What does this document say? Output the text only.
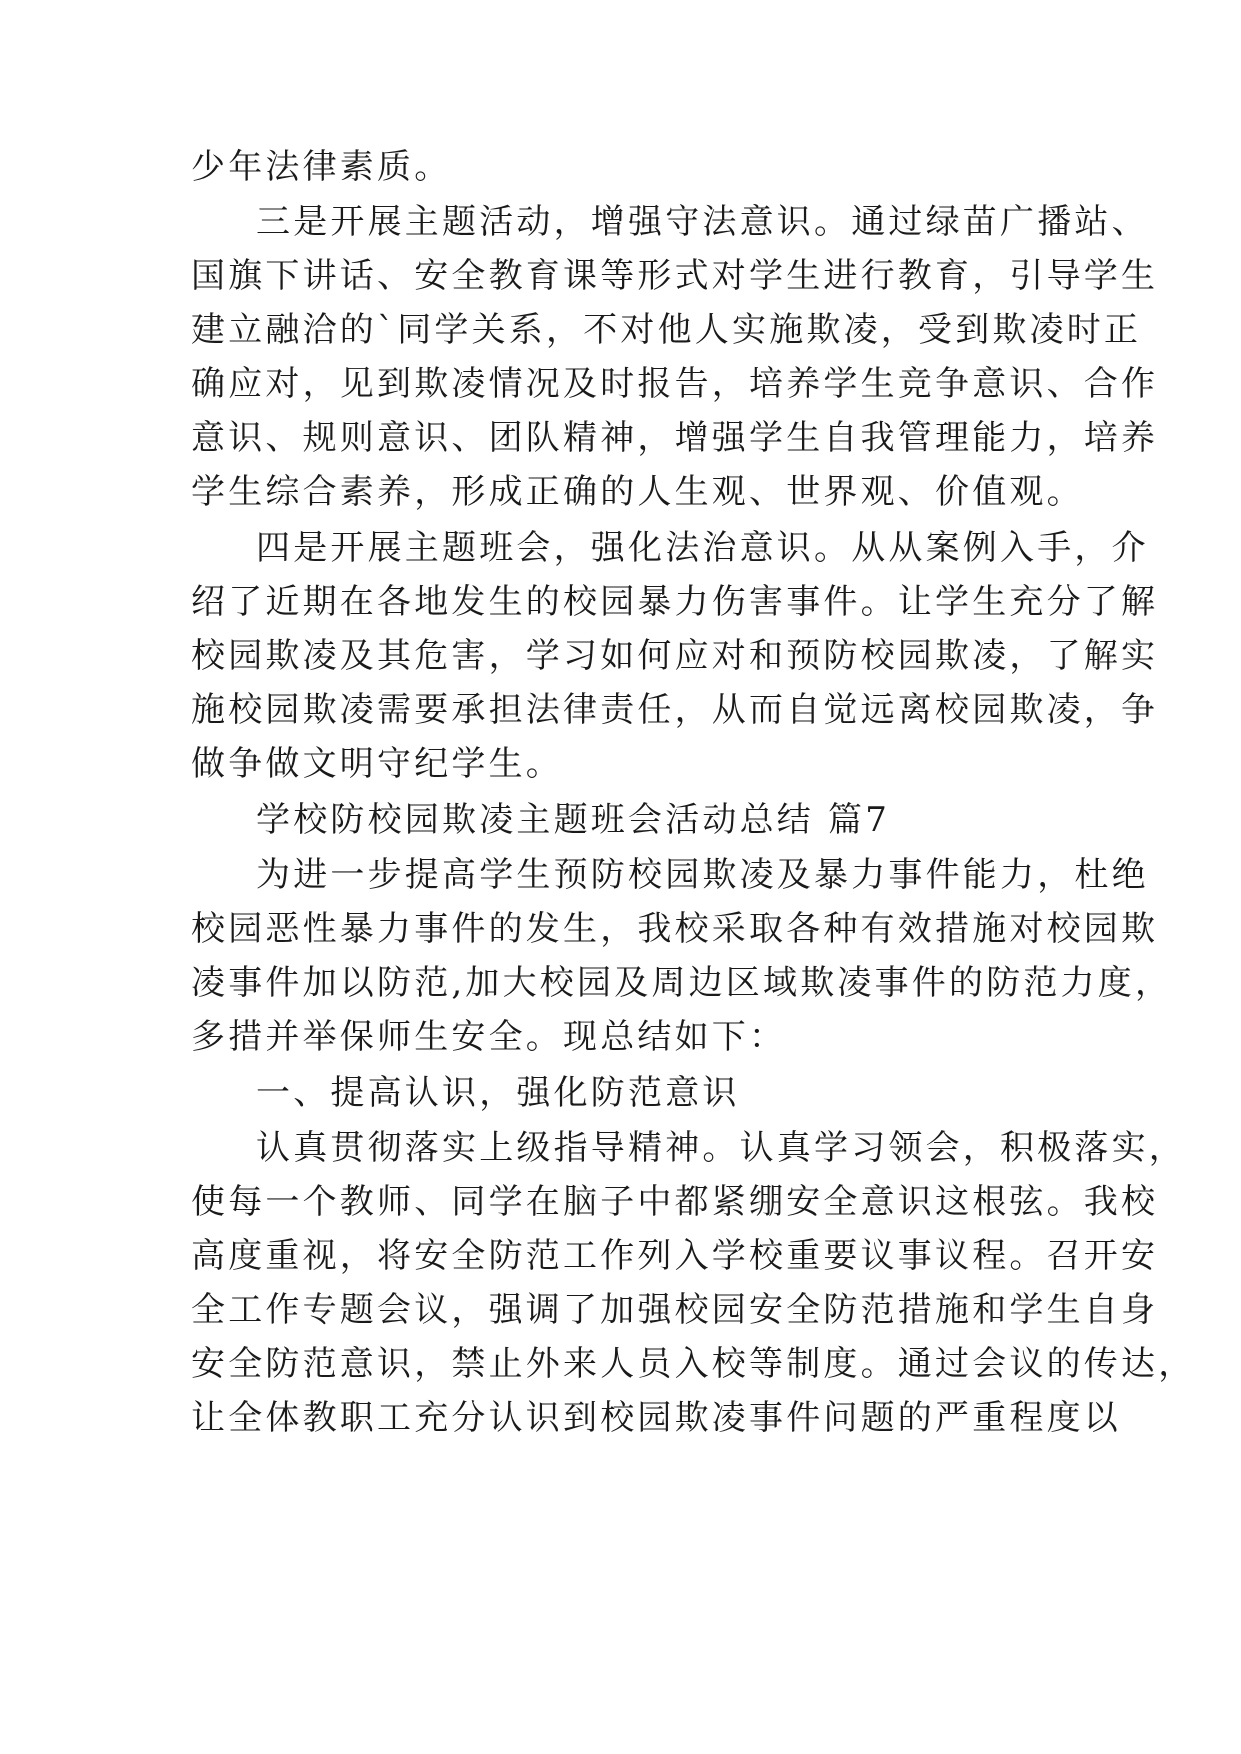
少年法律素质。
三是开展主题活动，增强守法意识。通过绿苗广播站、
国旗下讲话、安全教育课等形式对学生进行教育，引导学生
建立融洽的`同学关系，不对他人实施欺凌，受到欺凌时正
确应对，见到欺凌情况及时报告，培养学生竞争意识、合作
意识、规则意识、团队精神，增强学生自我管理能力，培养
学生综合素养，形成正确的人生观、世界观、价值观。
四是开展主题班会，强化法治意识。从从案例入手，介
绍了近期在各地发生的校园暴力伤害事件。让学生充分了解
校园欺凌及其危害，学习如何应对和预防校园欺凌，了解实
施校园欺凌需要承担法律责任，从而自觉远离校园欺凌，争
做争做文明守纪学生。
学校防校园欺凌主题班会活动总结 篇7
为进一步提高学生预防校园欺凌及暴力事件能力，杜绝
校园恶性暴力事件的发生，我校采取各种有效措施对校园欺
凌事件加以防范,加大校园及周边区域欺凌事件的防范力度，
多措并举保师生安全。现总结如下：
一、提高认识，强化防范意识
认真贯彻落实上级指导精神。认真学习领会，积极落实，
使每一个教师、同学在脑子中都紧绷安全意识这根弦。我校
高度重视，将安全防范工作列入学校重要议事议程。召开安
全工作专题会议，强调了加强校园安全防范措施和学生自身
安全防范意识，禁止外来人员入校等制度。通过会议的传达，
让全体教职工充分认识到校园欺凌事件问题的严重程度以
